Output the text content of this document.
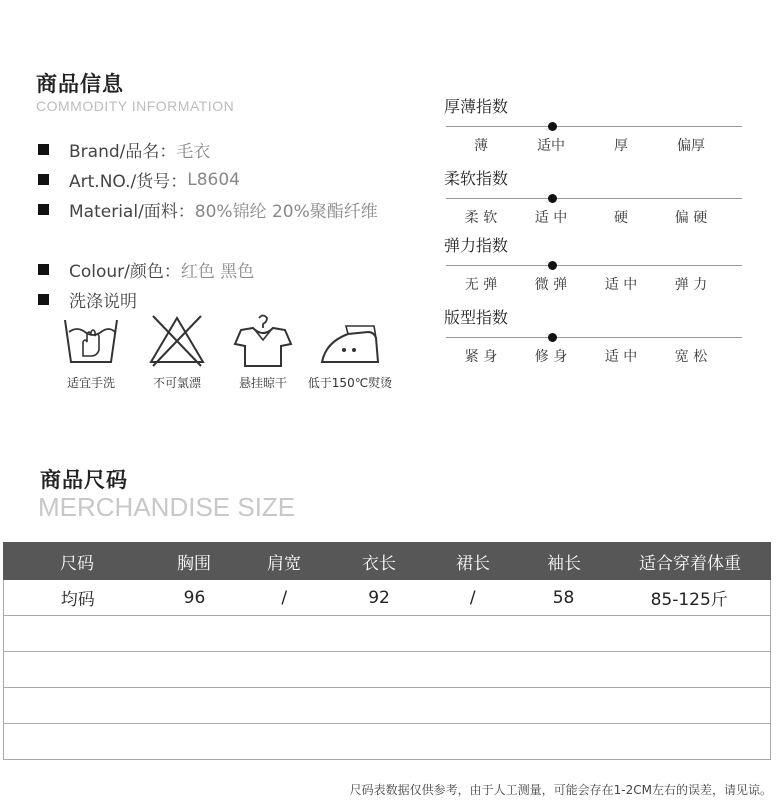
商品信息
COMMODITY INFORMATION
Brand/品名： 毛衣
Art.NO./货号： L8604
Material/面料： 80%锦纶 20%聚酯纤维
Colour/颜色： 红色 黑色
洗涤说明
适宜手洗	不可氯漂	悬挂晾干	低于150℃熨烫
厚薄指数
薄	适中	厚	偏厚
柔软指数
柔 软	适 中	硬	偏 硬
弹力指数
无 弹	微 弹	适 中	弹 力
版型指数
紧 身	修 身	适 中	宽 松
商品尺码
MERCHANDISE SIZE
尺码	胸围	肩宽	衣长	裙长	袖长	适合穿着体重
均码	96	/	92	/	58	85-125斤
尺码表数据仅供参考，由于人工测量，可能会存在1-2CM左右的误差，请见谅。
